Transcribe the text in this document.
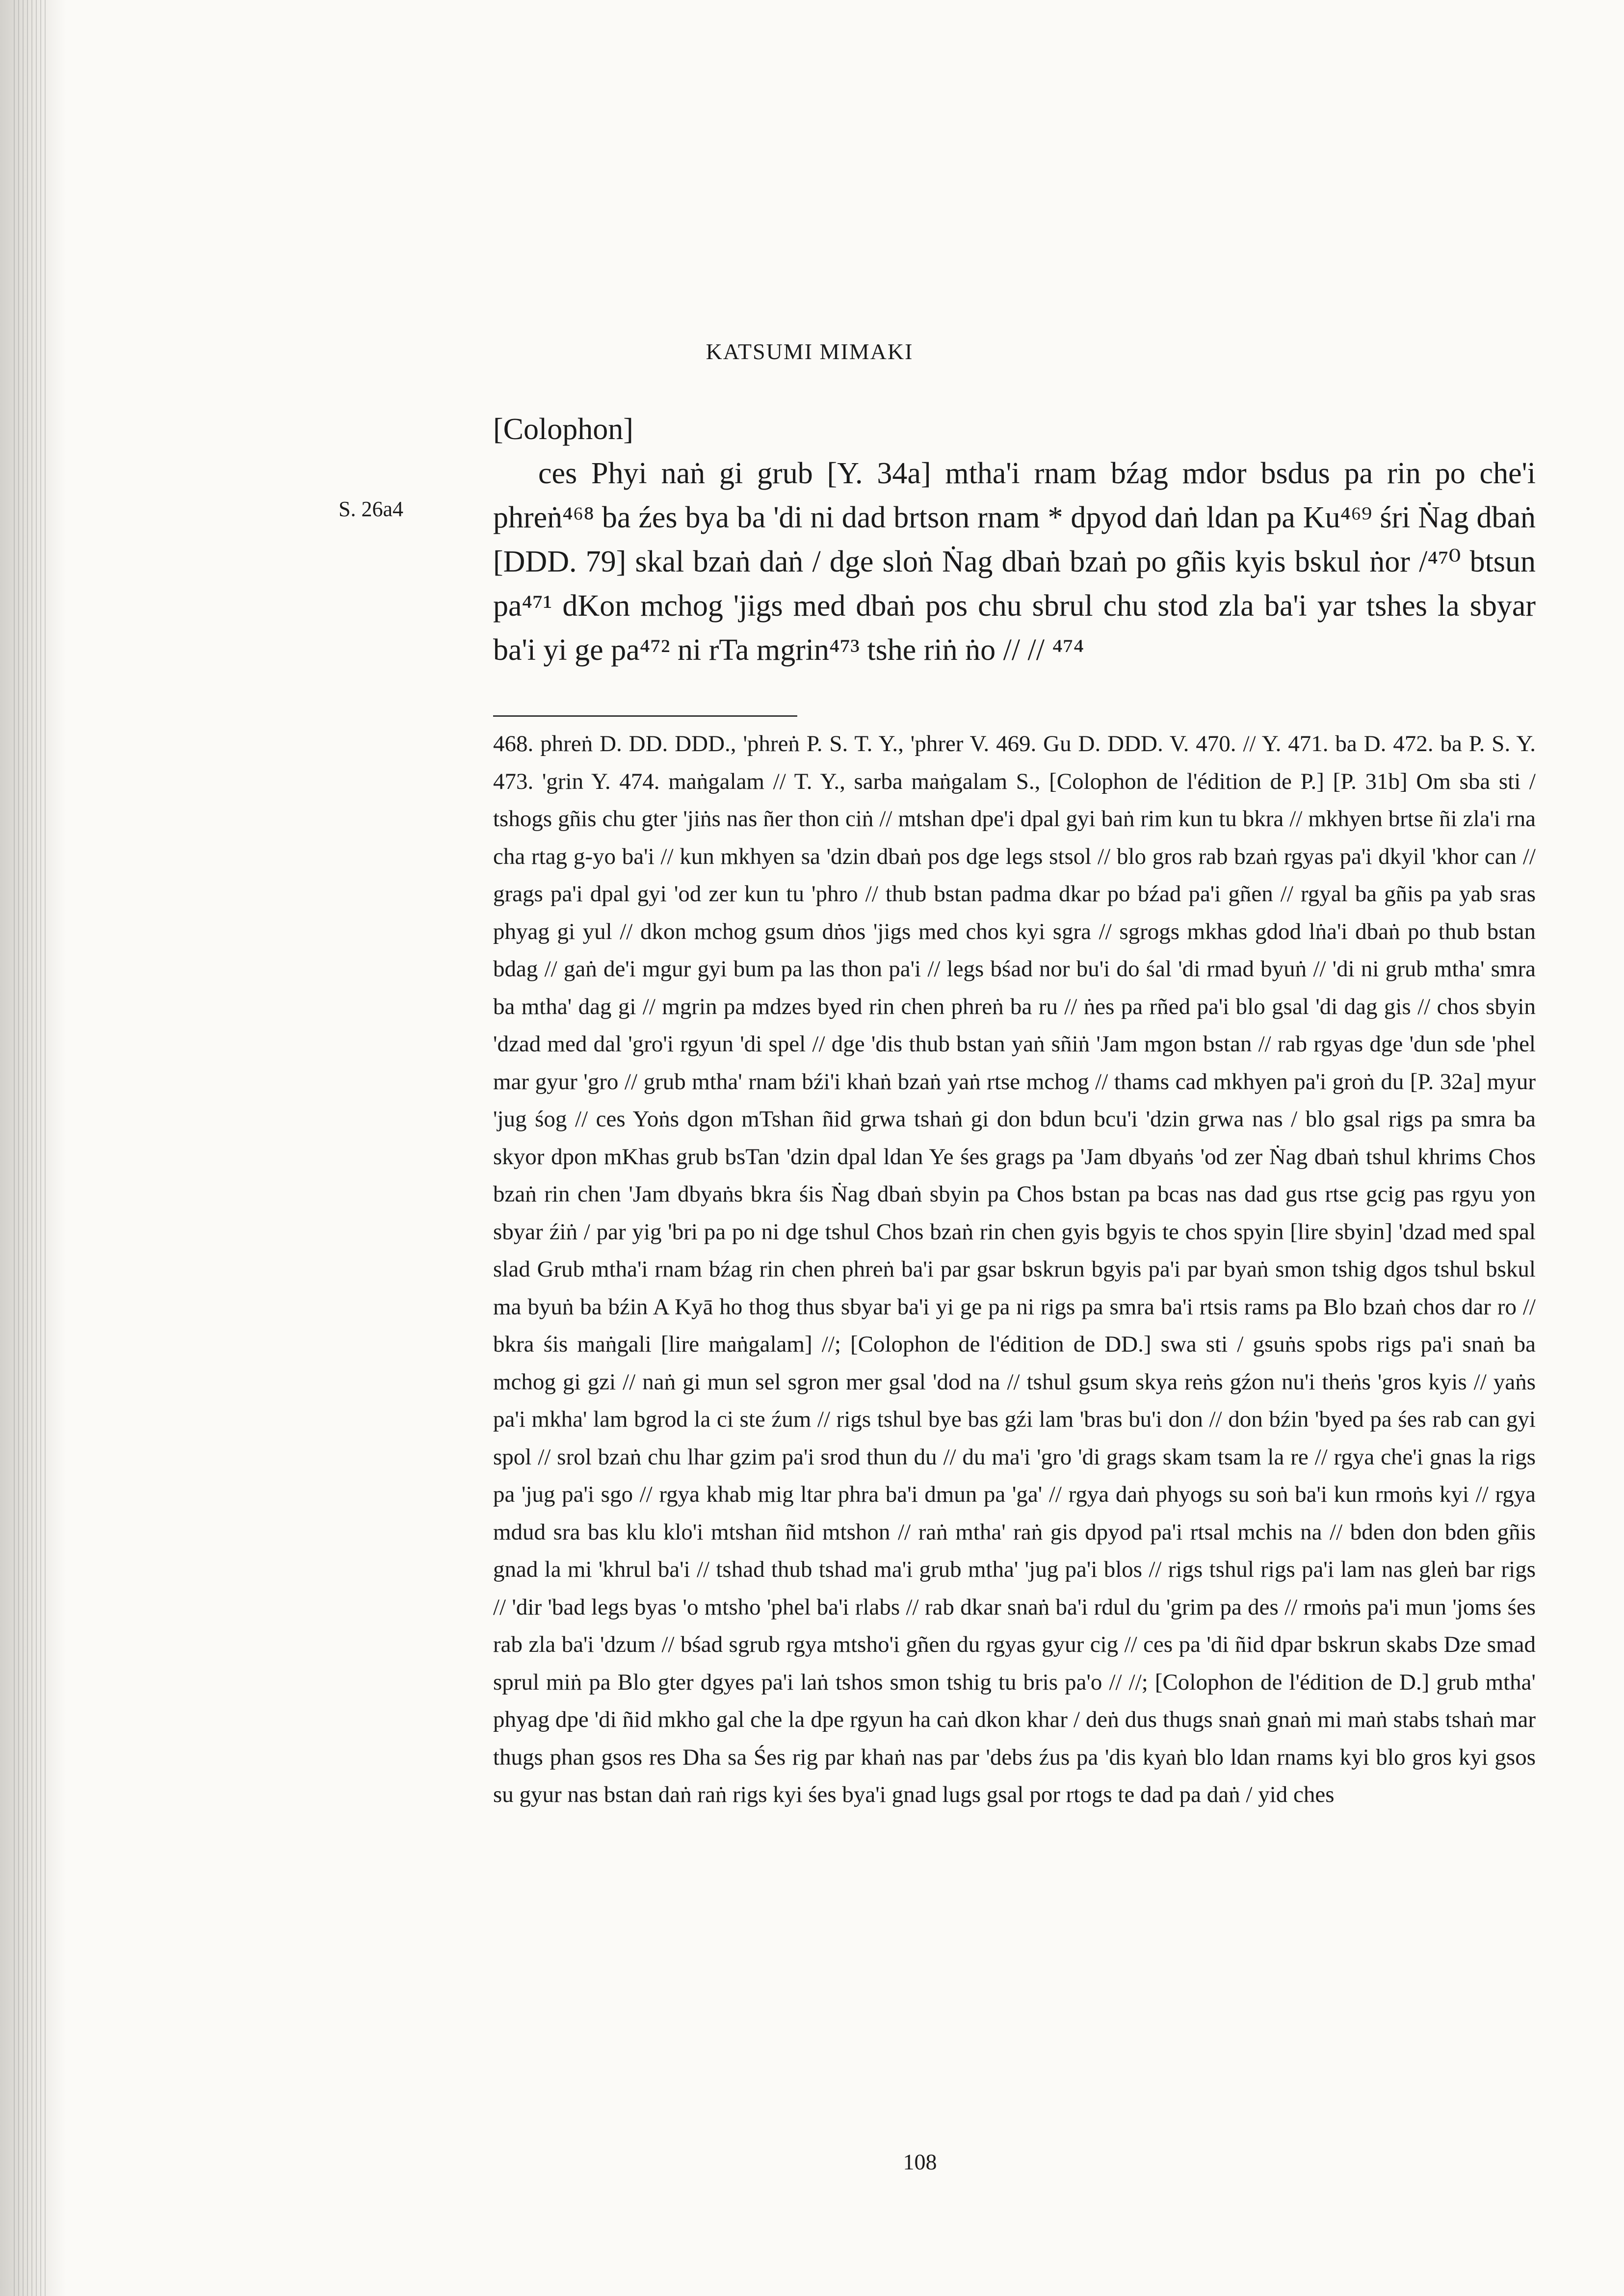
KATSUMI MIMAKI
S. 26a4

[Colophon]

ces Phyi naṅ gi grub [Y. 34a] mtha'i rnam bźag mdor bsdus pa rin po che'i phreṅ⁴⁶⁸ ba źes bya ba 'di ni dad brtson rnam * dpyod daṅ ldan pa Ku⁴⁶⁹ śri Ṅag dbaṅ [DDD. 79] skal bzaṅ daṅ / dge sloṅ Ṅag dbaṅ bzaṅ po gñis kyis bskul ṅor /⁴⁷⁰ btsun pa⁴⁷¹ dKon mchog 'jigs med dbaṅ pos chu sbrul chu stod zla ba'i yar tshes la sbyar ba'i yi ge pa⁴⁷² ni rTa mgrin⁴⁷³ tshe riṅ ṅo // // ⁴⁷⁴

468. phreṅ D. DD. DDD., 'phreṅ P. S. T. Y., 'phrer V. 469. Gu D. DDD. V. 470. // Y. 471. ba D. 472. ba P. S. Y. 473. 'grin Y. 474. maṅgalam // T. Y., sarba maṅgalam S., [Colophon de l'édition de P.] [P. 31b] Om sba sti / tshogs gñis chu gter 'jiṅs nas ñer thon ciṅ // mtshan dpe'i dpal gyi baṅ rim kun tu bkra // mkhyen brtse ñi zla'i rna cha rtag g-yo ba'i // kun mkhyen sa 'dzin dbaṅ pos dge legs stsol // blo gros rab bzaṅ rgyas pa'i dkyil 'khor can // grags pa'i dpal gyi 'od zer kun tu 'phro // thub bstan padma dkar po bźad pa'i gñen // rgyal ba gñis pa yab sras phyag gi yul // dkon mchog gsum dṅos 'jigs med chos kyi sgra // sgrogs mkhas gdod lṅa'i dbaṅ po thub bstan bdag // gaṅ de'i mgur gyi bum pa las thon pa'i // legs bśad nor bu'i do śal 'di rmad byuṅ // 'di ni grub mtha' smra ba mtha' dag gi // mgrin pa mdzes byed rin chen phreṅ ba ru // ṅes pa rñed pa'i blo gsal 'di dag gis // chos sbyin 'dzad med dal 'gro'i rgyun 'di spel // dge 'dis thub bstan yaṅ sñiṅ 'Jam mgon bstan // rab rgyas dge 'dun sde 'phel mar gyur 'gro // grub mtha' rnam bźi'i khaṅ bzaṅ yaṅ rtse mchog // thams cad mkhyen pa'i groṅ du [P. 32a] myur 'jug śog // ces Yoṅs dgon mTshan ñid grwa tshaṅ gi don bdun bcu'i 'dzin grwa nas / blo gsal rigs pa smra ba skyor dpon mKhas grub bsTan 'dzin dpal ldan Ye śes grags pa 'Jam dbyaṅs 'od zer Ṅag dbaṅ tshul khrims Chos bzaṅ rin chen 'Jam dbyaṅs bkra śis Ṅag dbaṅ sbyin pa Chos bstan pa bcas nas dad gus rtse gcig pas rgyu yon sbyar źiṅ / par yig 'bri pa po ni dge tshul Chos bzaṅ rin chen gyis bgyis te chos spyin [lire sbyin] 'dzad med spal slad Grub mtha'i rnam bźag rin chen phreṅ ba'i par gsar bskrun bgyis pa'i par byaṅ smon tshig dgos tshul bskul ma byuṅ ba bźin A Kyā ho thog thus sbyar ba'i yi ge pa ni rigs pa smra ba'i rtsis rams pa Blo bzaṅ chos dar ro // bkra śis maṅgali [lire maṅgalam] //; [Colophon de l'édition de DD.] swa sti / gsuṅs spobs rigs pa'i snaṅ ba mchog gi gzi // naṅ gi mun sel sgron mer gsal 'dod na // tshul gsum skya reṅs gźon nu'i theṅs 'gros kyis // yaṅs pa'i mkha' lam bgrod la ci ste źum // rigs tshul bye bas gźi lam 'bras bu'i don // don bźin 'byed pa śes rab can gyi spol // srol bzaṅ chu lhar gzim pa'i srod thun du // du ma'i 'gro 'di grags skam tsam la re // rgya che'i gnas la rigs pa 'jug pa'i sgo // rgya khab mig ltar phra ba'i dmun pa 'ga' // rgya daṅ phyogs su soṅ ba'i kun rmoṅs kyi // rgya mdud sra bas klu klo'i mtshan ñid mtshon // raṅ mtha' raṅ gis dpyod pa'i rtsal mchis na // bden don bden gñis gnad la mi 'khrul ba'i // tshad thub tshad ma'i grub mtha' 'jug pa'i blos // rigs tshul rigs pa'i lam nas gleṅ bar rigs // 'dir 'bad legs byas 'o mtsho 'phel ba'i rlabs // rab dkar snaṅ ba'i rdul du 'grim pa des // rmoṅs pa'i mun 'joms śes rab zla ba'i 'dzum // bśad sgrub rgya mtsho'i gñen du rgyas gyur cig // ces pa 'di ñid dpar bskrun skabs Dze smad sprul miṅ pa Blo gter dgyes pa'i laṅ tshos smon tshig tu bris pa'o // //; [Colophon de l'édition de D.] grub mtha' phyag dpe 'di ñid mkho gal che la dpe rgyun ha caṅ dkon khar / deṅ dus thugs snaṅ gnaṅ mi maṅ stabs tshaṅ mar thugs phan gsos res Dha sa Śes rig par khaṅ nas par 'debs źus pa 'dis kyaṅ blo ldan rnams kyi blo gros kyi gsos su gyur nas bstan daṅ raṅ rigs kyi śes bya'i gnad lugs gsal por rtogs te dad pa daṅ / yid ches

108
